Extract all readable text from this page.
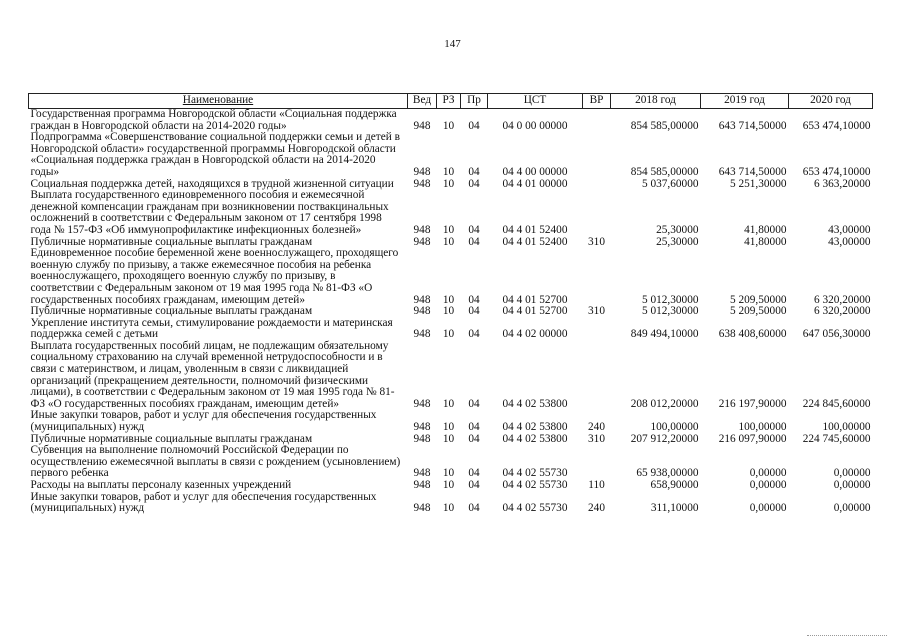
147
Наименование	Вед	РЗ	Пр	ЦСТ	ВР	2018 год	2019 год	2020 год
Государственная программа Новгородской области «Социальная поддержка граждан в Новгородской области на 2014-2020 годы»	948	10	04	04 0 00 00000		854 585,00000	643 714,50000	653 474,10000
Подпрограмма «Совершенствование социальной поддержки семьи и детей в Новгородской области» государственной программы Новгородской области «Социальная поддержка граждан в Новгородской области на 2014-2020 годы»	948	10	04	04 4 00 00000		854 585,00000	643 714,50000	653 474,10000
Социальная поддержка детей, находящихся в трудной жизненной ситуации	948	10	04	04 4 01 00000		5 037,60000	5 251,30000	6 363,20000
Выплата государственного единовременного пособия и ежемесячной денежной компенсации гражданам при возникновении поствакцинальных осложнений в соответствии с Федеральным законом от 17 сентября 1998 года № 157-ФЗ «Об иммунопрофилактике инфекционных болезней»	948	10	04	04 4 01 52400		25,30000	41,80000	43,00000
Публичные нормативные социальные выплаты гражданам	948	10	04	04 4 01 52400	310	25,30000	41,80000	43,00000
Единовременное пособие беременной жене военнослужащего, проходящего военную службу по призыву, а также ежемесячное пособия на ребенка военнослужащего, проходящего военную службу по призыву, в соответствии с Федеральным законом от 19 мая 1995 года № 81-ФЗ «О государственных пособиях гражданам, имеющим детей»	948	10	04	04 4 01 52700		5 012,30000	5 209,50000	6 320,20000
Публичные нормативные социальные выплаты гражданам	948	10	04	04 4 01 52700	310	5 012,30000	5 209,50000	6 320,20000
Укрепление института семьи, стимулирование рождаемости и материнская поддержка семей с детьми	948	10	04	04 4 02 00000		849 494,10000	638 408,60000	647 056,30000
Выплата государственных пособий лицам, не подлежащим обязательному социальному страхованию на случай временной нетрудоспособности и в связи с материнством, и лицам, уволенным в связи с ликвидацией организаций (прекращением деятельности, полномочий физическими лицами), в соответствии с Федеральным законом от 19 мая 1995 года № 81-ФЗ «О государственных пособиях гражданам, имеющим детей»	948	10	04	04 4 02 53800		208 012,20000	216 197,90000	224 845,60000
Иные закупки товаров, работ и услуг для обеспечения государственных (муниципальных) нужд	948	10	04	04 4 02 53800	240	100,00000	100,00000	100,00000
Публичные нормативные социальные выплаты гражданам	948	10	04	04 4 02 53800	310	207 912,20000	216 097,90000	224 745,60000
Субвенция на выполнение полномочий Российской Федерации по осуществлению ежемесячной выплаты в связи с рождением (усыновлением) первого ребенка	948	10	04	04 4 02 55730		65 938,00000	0,00000	0,00000
Расходы на выплаты персоналу казенных учреждений	948	10	04	04 4 02 55730	110	658,90000	0,00000	0,00000
Иные закупки товаров, работ и услуг для обеспечения государственных (муниципальных) нужд	948	10	04	04 4 02 55730	240	311,10000	0,00000	0,00000
